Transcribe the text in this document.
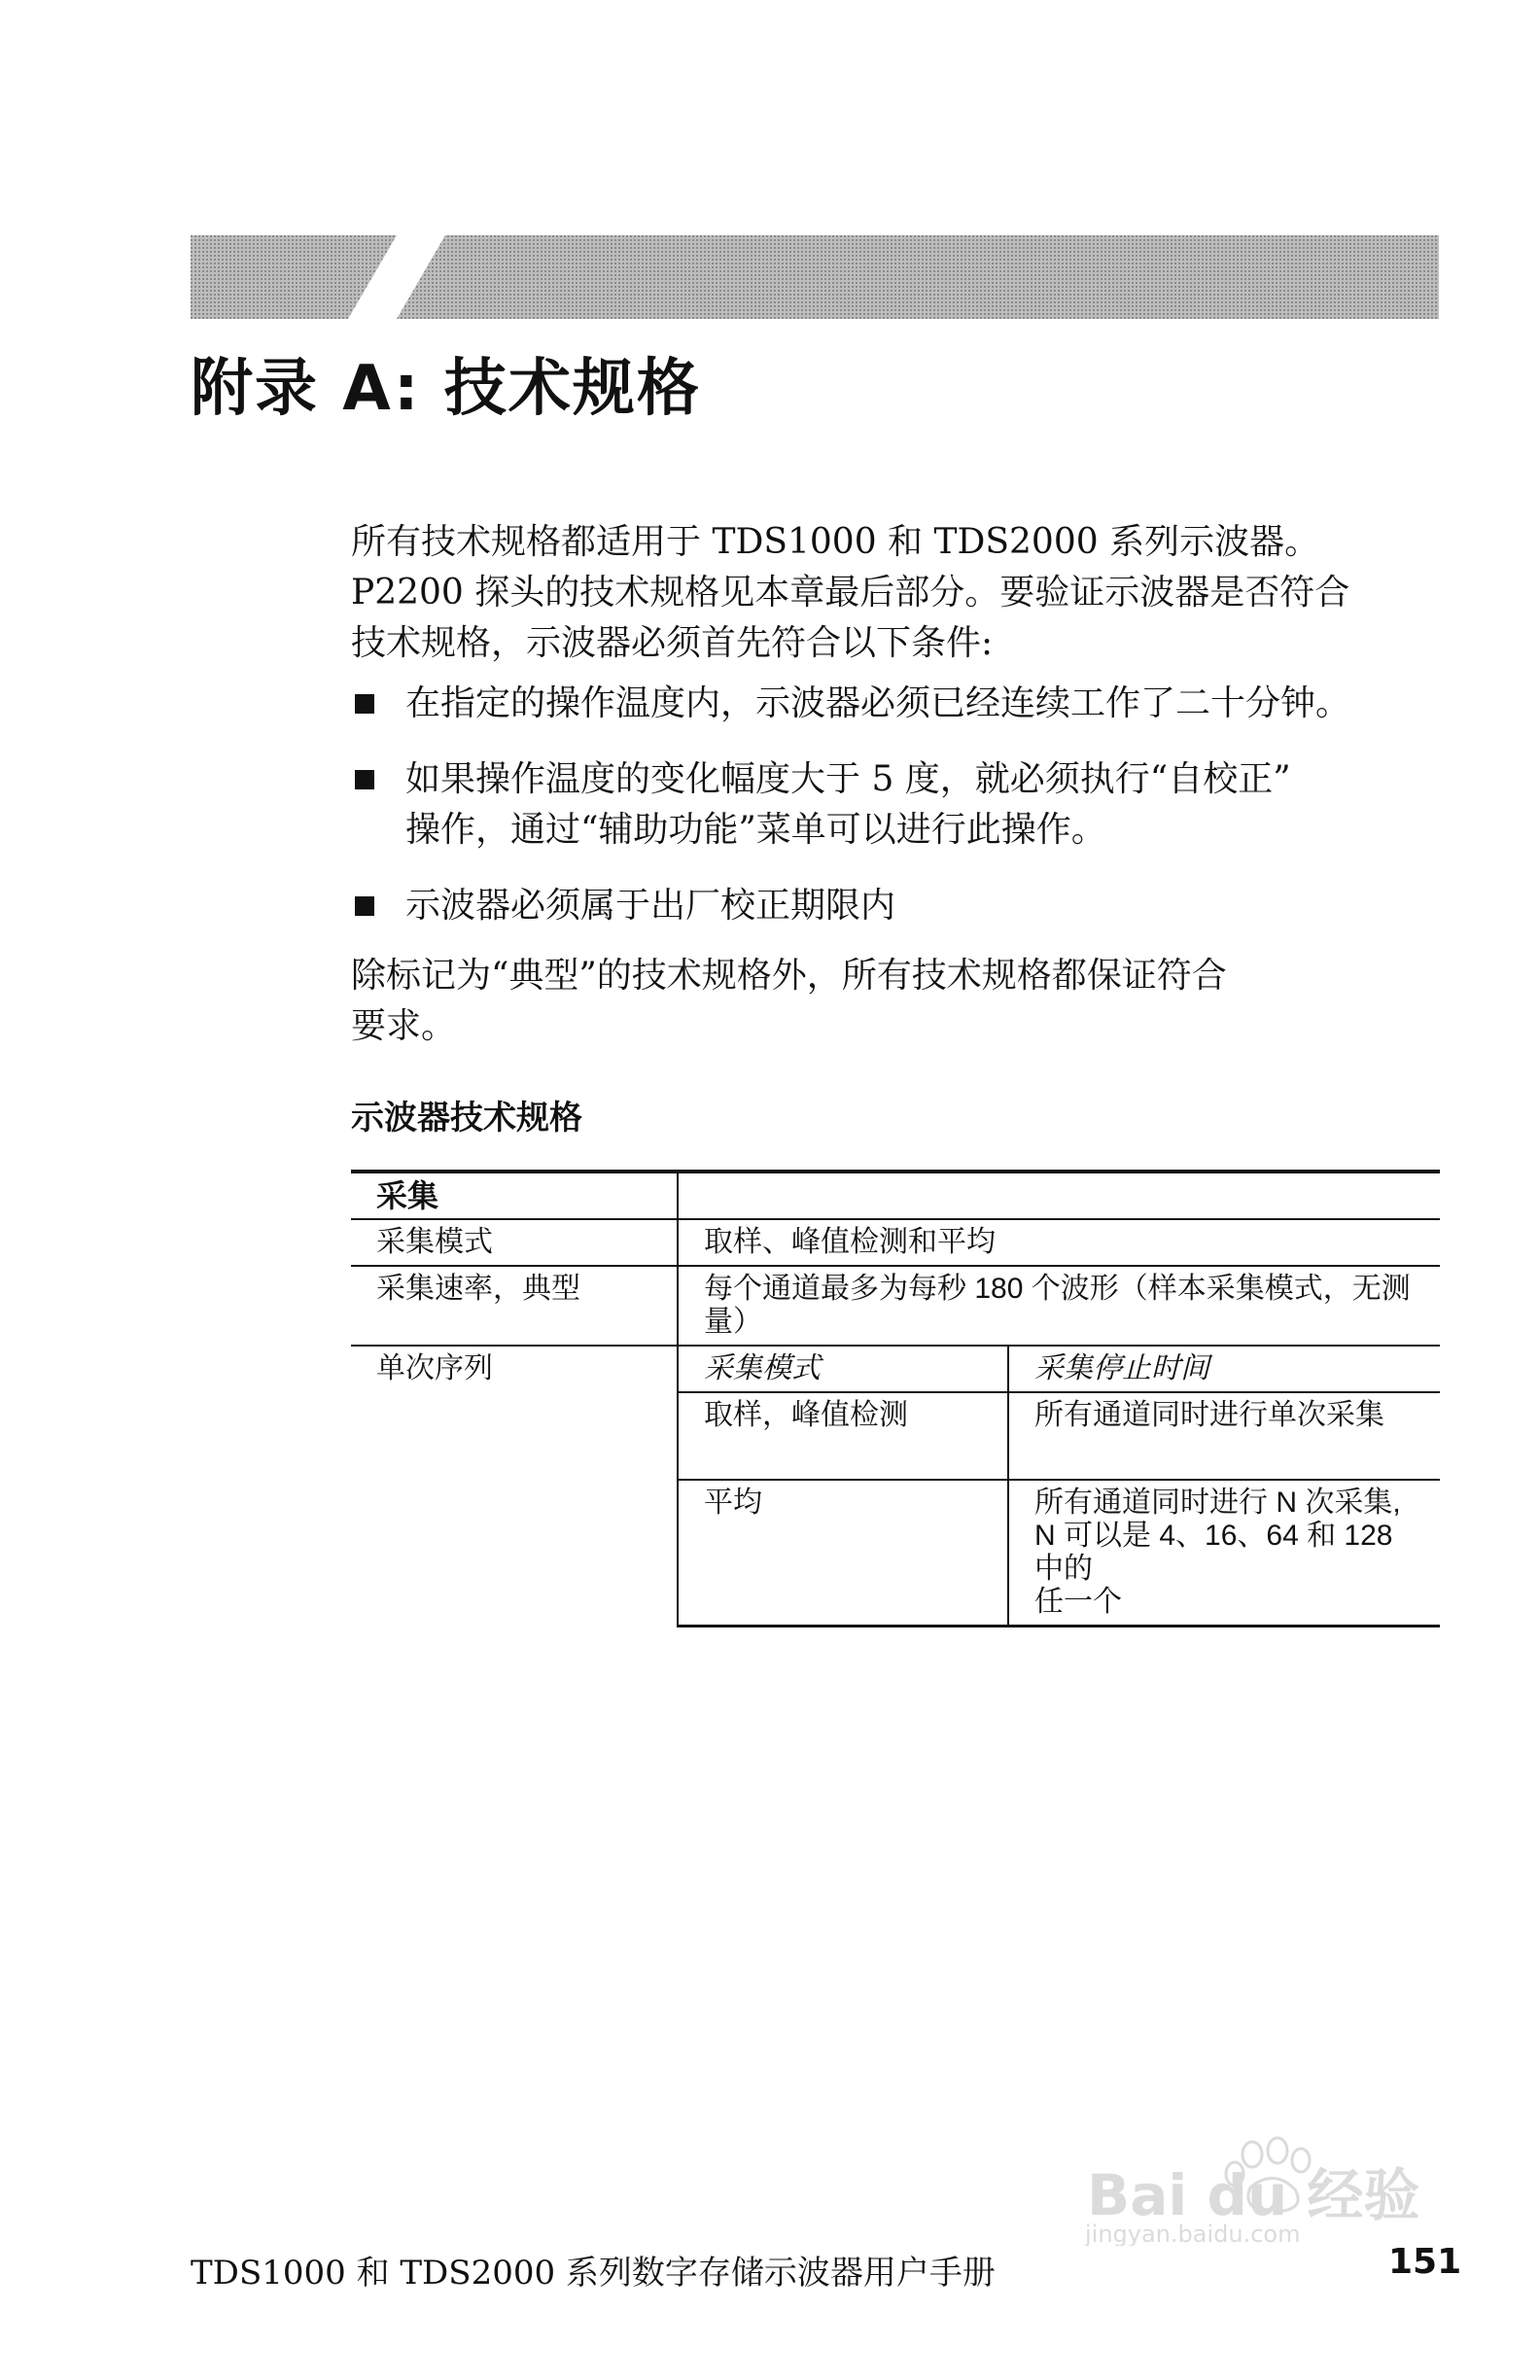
附录 A: 技术规格
所有技术规格都适用于 TDS1000 和 TDS2000 系列示波器。
P2200 探头的技术规格见本章最后部分。要验证示波器是否符合
技术规格，示波器必须首先符合以下条件:
在指定的操作温度内，示波器必须已经连续工作了二十分钟。
如果操作温度的变化幅度大于 5 度，就必须执行“自校正”
操作，通过“辅助功能”菜单可以进行此操作。
示波器必须属于出厂校正期限内
除标记为“典型”的技术规格外，所有技术规格都保证符合
要求。
示波器技术规格
采集		
采集模式	取样、峰值检测和平均	
采集速率，典型	每个通道最多为每秒 180 个波形（样本采集模式，无测量）	
单次序列	采集模式	采集停止时间
	取样，峰值检测	所有通道同时进行单次采集
	平均	所有通道同时进行 N 次采集,
N 可以是 4、16、64 和 128 中的
任一个
Bai du 经验
jingyan.baidu.com

TDS1000 和 TDS2000 系列数字存储示波器用户手册	151
